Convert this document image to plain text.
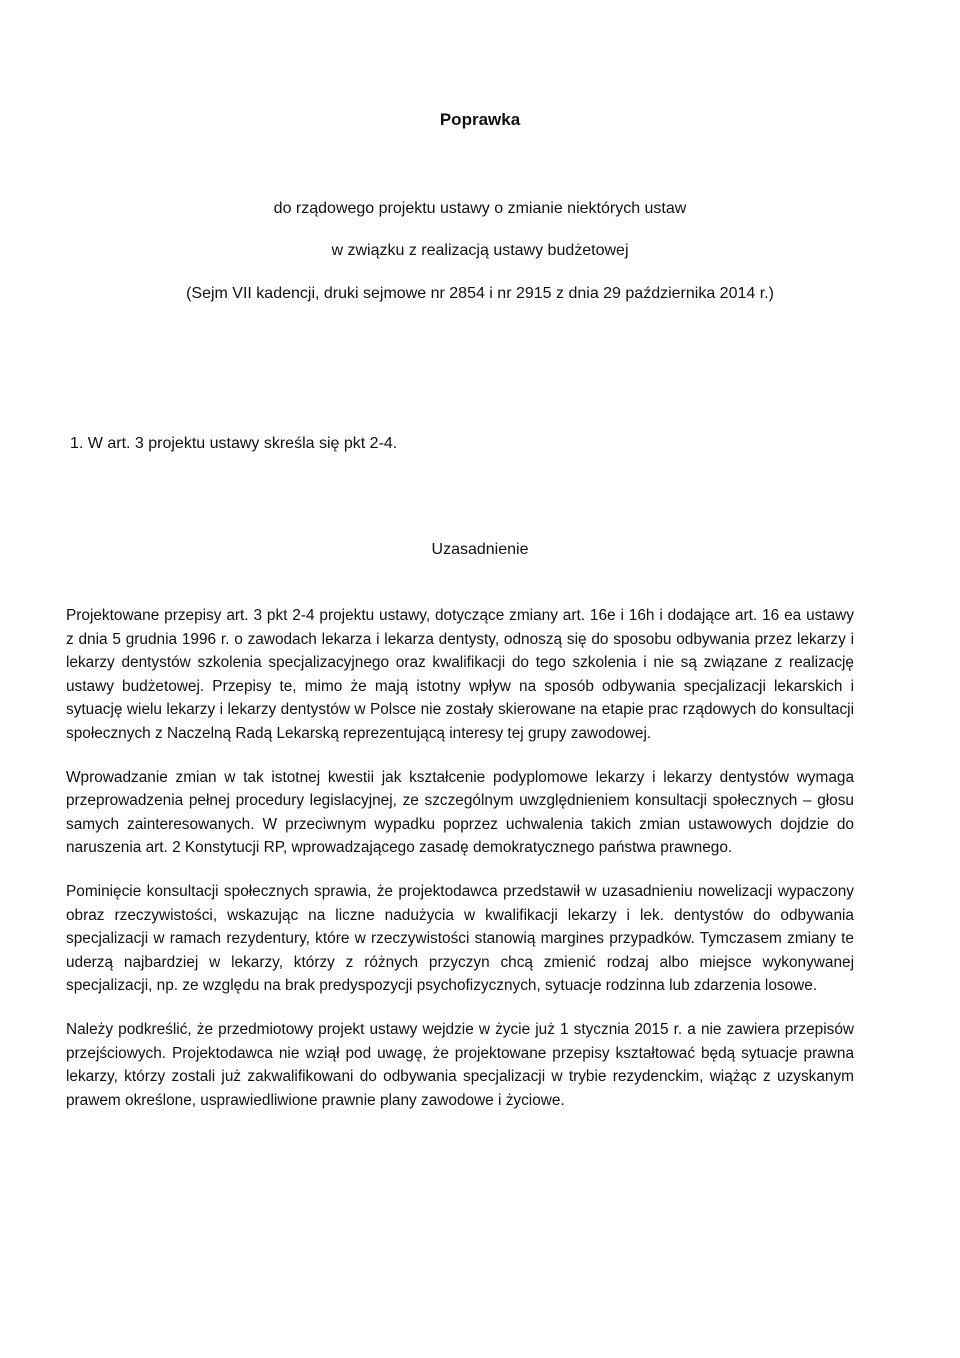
Poprawka

do rządowego projektu ustawy o zmianie niektórych ustaw

w związku z realizacją ustawy budżetowej

(Sejm VII kadencji, druki sejmowe nr 2854 i nr 2915 z dnia 29 października 2014 r.)

1. W art. 3 projektu ustawy skreśla się pkt 2-4.

Uzasadnienie

Projektowane przepisy art. 3 pkt 2-4 projektu ustawy, dotyczące zmiany art. 16e i 16h i dodające art. 16 ea ustawy z dnia 5 grudnia 1996 r. o zawodach lekarza i lekarza dentysty, odnoszą się do sposobu odbywania przez lekarzy i lekarzy dentystów szkolenia specjalizacyjnego oraz kwalifikacji do tego szkolenia i nie są związane z realizację ustawy budżetowej. Przepisy te, mimo że mają istotny wpływ na sposób odbywania specjalizacji lekarskich i sytuację wielu lekarzy i lekarzy dentystów w Polsce nie zostały skierowane na etapie prac rządowych do konsultacji społecznych z Naczelną Radą Lekarską reprezentującą interesy tej grupy zawodowej.

Wprowadzanie zmian w tak istotnej kwestii jak kształcenie podyplomowe lekarzy i lekarzy dentystów wymaga przeprowadzenia pełnej procedury legislacyjnej, ze szczególnym uwzględnieniem konsultacji społecznych – głosu samych zainteresowanych. W przeciwnym wypadku poprzez uchwalenia takich zmian ustawowych dojdzie do naruszenia art. 2 Konstytucji RP, wprowadzającego zasadę demokratycznego państwa prawnego.

Pominięcie konsultacji społecznych sprawia, że projektodawca przedstawił w uzasadnieniu nowelizacji wypaczony obraz rzeczywistości, wskazując na liczne nadużycia w kwalifikacji lekarzy i lek. dentystów do odbywania specjalizacji w ramach rezydentury, które w rzeczywistości stanowią margines przypadków. Tymczasem zmiany te uderzą najbardziej w lekarzy, którzy z różnych przyczyn chcą zmienić rodzaj albo miejsce wykonywanej specjalizacji, np. ze względu na brak predyspozycji psychofizycznych, sytuacje rodzinna lub zdarzenia losowe.

Należy podkreślić, że przedmiotowy projekt ustawy wejdzie w życie już 1 stycznia 2015 r. a nie zawiera przepisów przejściowych. Projektodawca nie wziął pod uwagę, że projektowane przepisy kształtować będą sytuacje prawna lekarzy, którzy zostali już zakwalifikowani do odbywania specjalizacji w trybie rezydenckim, wiążąc z uzyskanym prawem określone, usprawiedliwione prawnie plany zawodowe i życiowe.
